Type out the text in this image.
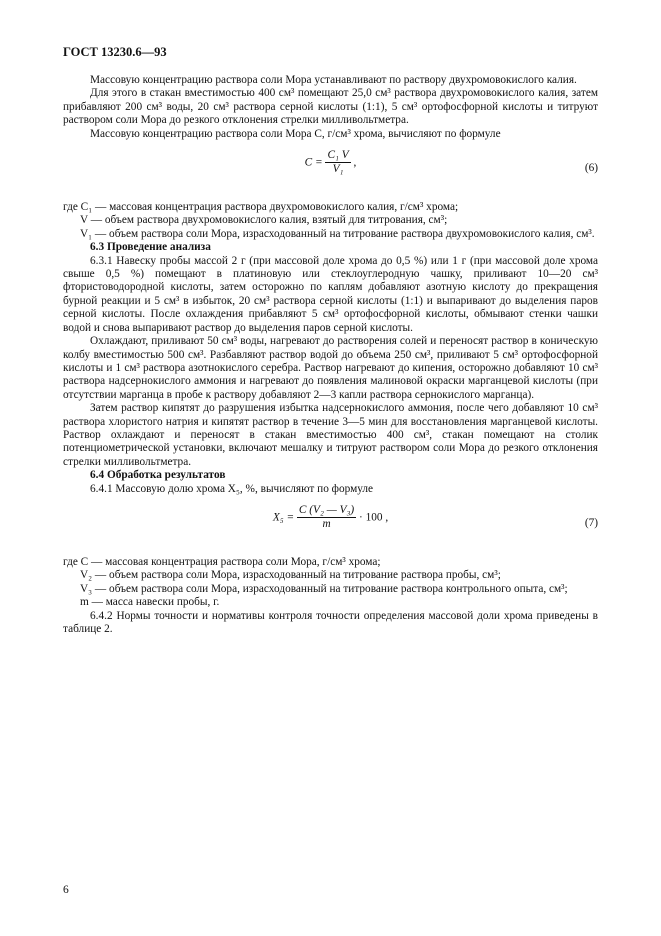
ГОСТ 13230.6—93

Массовую концентрацию раствора соли Мора устанавливают по раствору двухромовокислого калия.

Для этого в стакан вместимостью 400 см³ помещают 25,0 см³ раствора двухромовокислого калия, затем прибавляют 200 см³ воды, 20 см³ раствора серной кислоты (1:1), 5 см³ ортофосфорной кислоты и титруют раствором соли Мора до резкого отклонения стрелки милливольтметра.

Массовую концентрацию раствора соли Мора С, г/см³ хрома, вычисляют по формуле

$C = \frac{\text{C₁ V}}{\text{V₁}}$ ,	(6)
где C₁ — массовая концентрация раствора двухромовокислого калия, г/см³ хрома;
V — объем раствора двухромовокислого калия, взятый для титрования, см³;
V₁ — объем раствора соли Мора, израсходованный на титрование раствора двухромовокислого калия, см³.

6.3 Проведение анализа

6.3.1 Навеску пробы массой 2 г (при массовой доле хрома до 0,5 %) или 1 г (при массовой доле хрома свыше 0,5 %) помещают в платиновую или стеклоуглеродную чашку, приливают 10—20 см³ фтористоводородной кислоты, затем осторожно по каплям добавляют азотную кислоту до прекращения бурной реакции и 5 см³ в избыток, 20 см³ раствора серной кислоты (1:1) и выпаривают до выделения паров серной кислоты. После охлаждения прибавляют 5 см³ ортофосфорной кислоты, обмывают стенки чашки водой и снова выпаривают раствор до выделения паров серной кислоты.

Охлаждают, приливают 50 см³ воды, нагревают до растворения солей и переносят раствор в коническую колбу вместимостью 500 см³. Разбавляют раствор водой до объема 250 см³, приливают 5 см³ ортофосфорной кислоты и 1 см³ раствора азотнокислого серебра. Раствор нагревают до кипения, осторожно добавляют 10 см³ раствора надсернокислого аммония и нагревают до появления малиновой окраски марганцевой кислоты (при отсутствии марганца в пробе к раствору добавляют 2—3 капли раствора сернокислого марганца).

Затем раствор кипятят до разрушения избытка надсернокислого аммония, после чего добавляют 10 см³ раствора хлористого натрия и кипятят раствор в течение 3—5 мин для восстановления марганцевой кислоты. Раствор охлаждают и переносят в стакан вместимостью 400 см³, стакан помещают на столик потенциометрической установки, включают мешалку и титруют раствором соли Мора до резкого отклонения стрелки милливольтметра.

6.4 Обработка результатов

6.4.1 Массовую долю хрома X₅, %, вычисляют по формуле

$X_5 = \frac{\text{C (V₂ — V₃)}}{m} \cdot 100$ ,	(7)
где C — массовая концентрация раствора соли Мора, г/см³ хрома;
V₂ — объем раствора соли Мора, израсходованный на титрование раствора пробы, см³;
V₃ — объем раствора соли Мора, израсходованный на титрование раствора контрольного опыта, см³;
m — масса навески пробы, г.

6.4.2 Нормы точности и нормативы контроля точности определения массовой доли хрома приведены в таблице 2.

6
